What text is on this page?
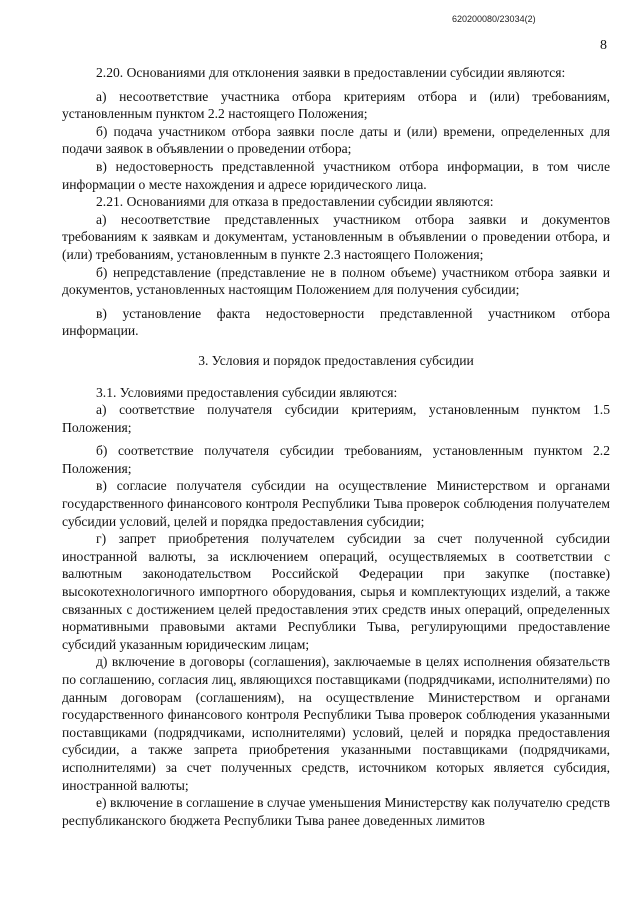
620200080/23034(2)
8

2.20. Основаниями для отклонения заявки в предоставлении субсидии являются:

а) несоответствие участника отбора критериям отбора и (или) требованиям, установленным пунктом 2.2 настоящего Положения;

б) подача участником отбора заявки после даты и (или) времени, определенных для подачи заявок в объявлении о проведении отбора;

в) недостоверность представленной участником отбора информации, в том числе информации о месте нахождения и адресе юридического лица.

2.21. Основаниями для отказа в предоставлении субсидии являются:

а) несоответствие представленных участником отбора заявки и документов требованиям к заявкам и документам, установленным в объявлении о проведении отбора, и (или) требованиям, установленным в пункте 2.3 настоящего Положения;

б) непредставление (представление не в полном объеме) участником отбора заявки и документов, установленных настоящим Положением для получения субсидии;

в) установление факта недостоверности представленной участником отбора информации.

3. Условия и порядок предоставления субсидии

3.1. Условиями предоставления субсидии являются:

а) соответствие получателя субсидии критериям, установленным пунктом 1.5 Положения;

б) соответствие получателя субсидии требованиям, установленным пунктом 2.2 Положения;

в) согласие получателя субсидии на осуществление Министерством и органами государственного финансового контроля Республики Тыва проверок соблюдения получателем субсидии условий, целей и порядка предоставления субсидии;

г) запрет приобретения получателем субсидии за счет полученной субсидии иностранной валюты, за исключением операций, осуществляемых в соответствии с валютным законодательством Российской Федерации при закупке (поставке) высокотехнологичного импортного оборудования, сырья и комплектующих изделий, а также связанных с достижением целей предоставления этих средств иных операций, определенных нормативными правовыми актами Республики Тыва, регулирующими предоставление субсидий указанным юридическим лицам;

д) включение в договоры (соглашения), заключаемые в целях исполнения обязательств по соглашению, согласия лиц, являющихся поставщиками (подрядчиками, исполнителями) по данным договорам (соглашениям), на осуществление Министерством и органами государственного финансового контроля Республики Тыва проверок соблюдения указанными поставщиками (подрядчиками, исполнителями) условий, целей и порядка предоставления субсидии, а также запрета приобретения указанными поставщиками (подрядчиками, исполнителями) за счет полученных средств, источником которых является субсидия, иностранной валюты;

е) включение в соглашение в случае уменьшения Министерству как получателю средств республиканского бюджета Республики Тыва ранее доведенных лимитов
